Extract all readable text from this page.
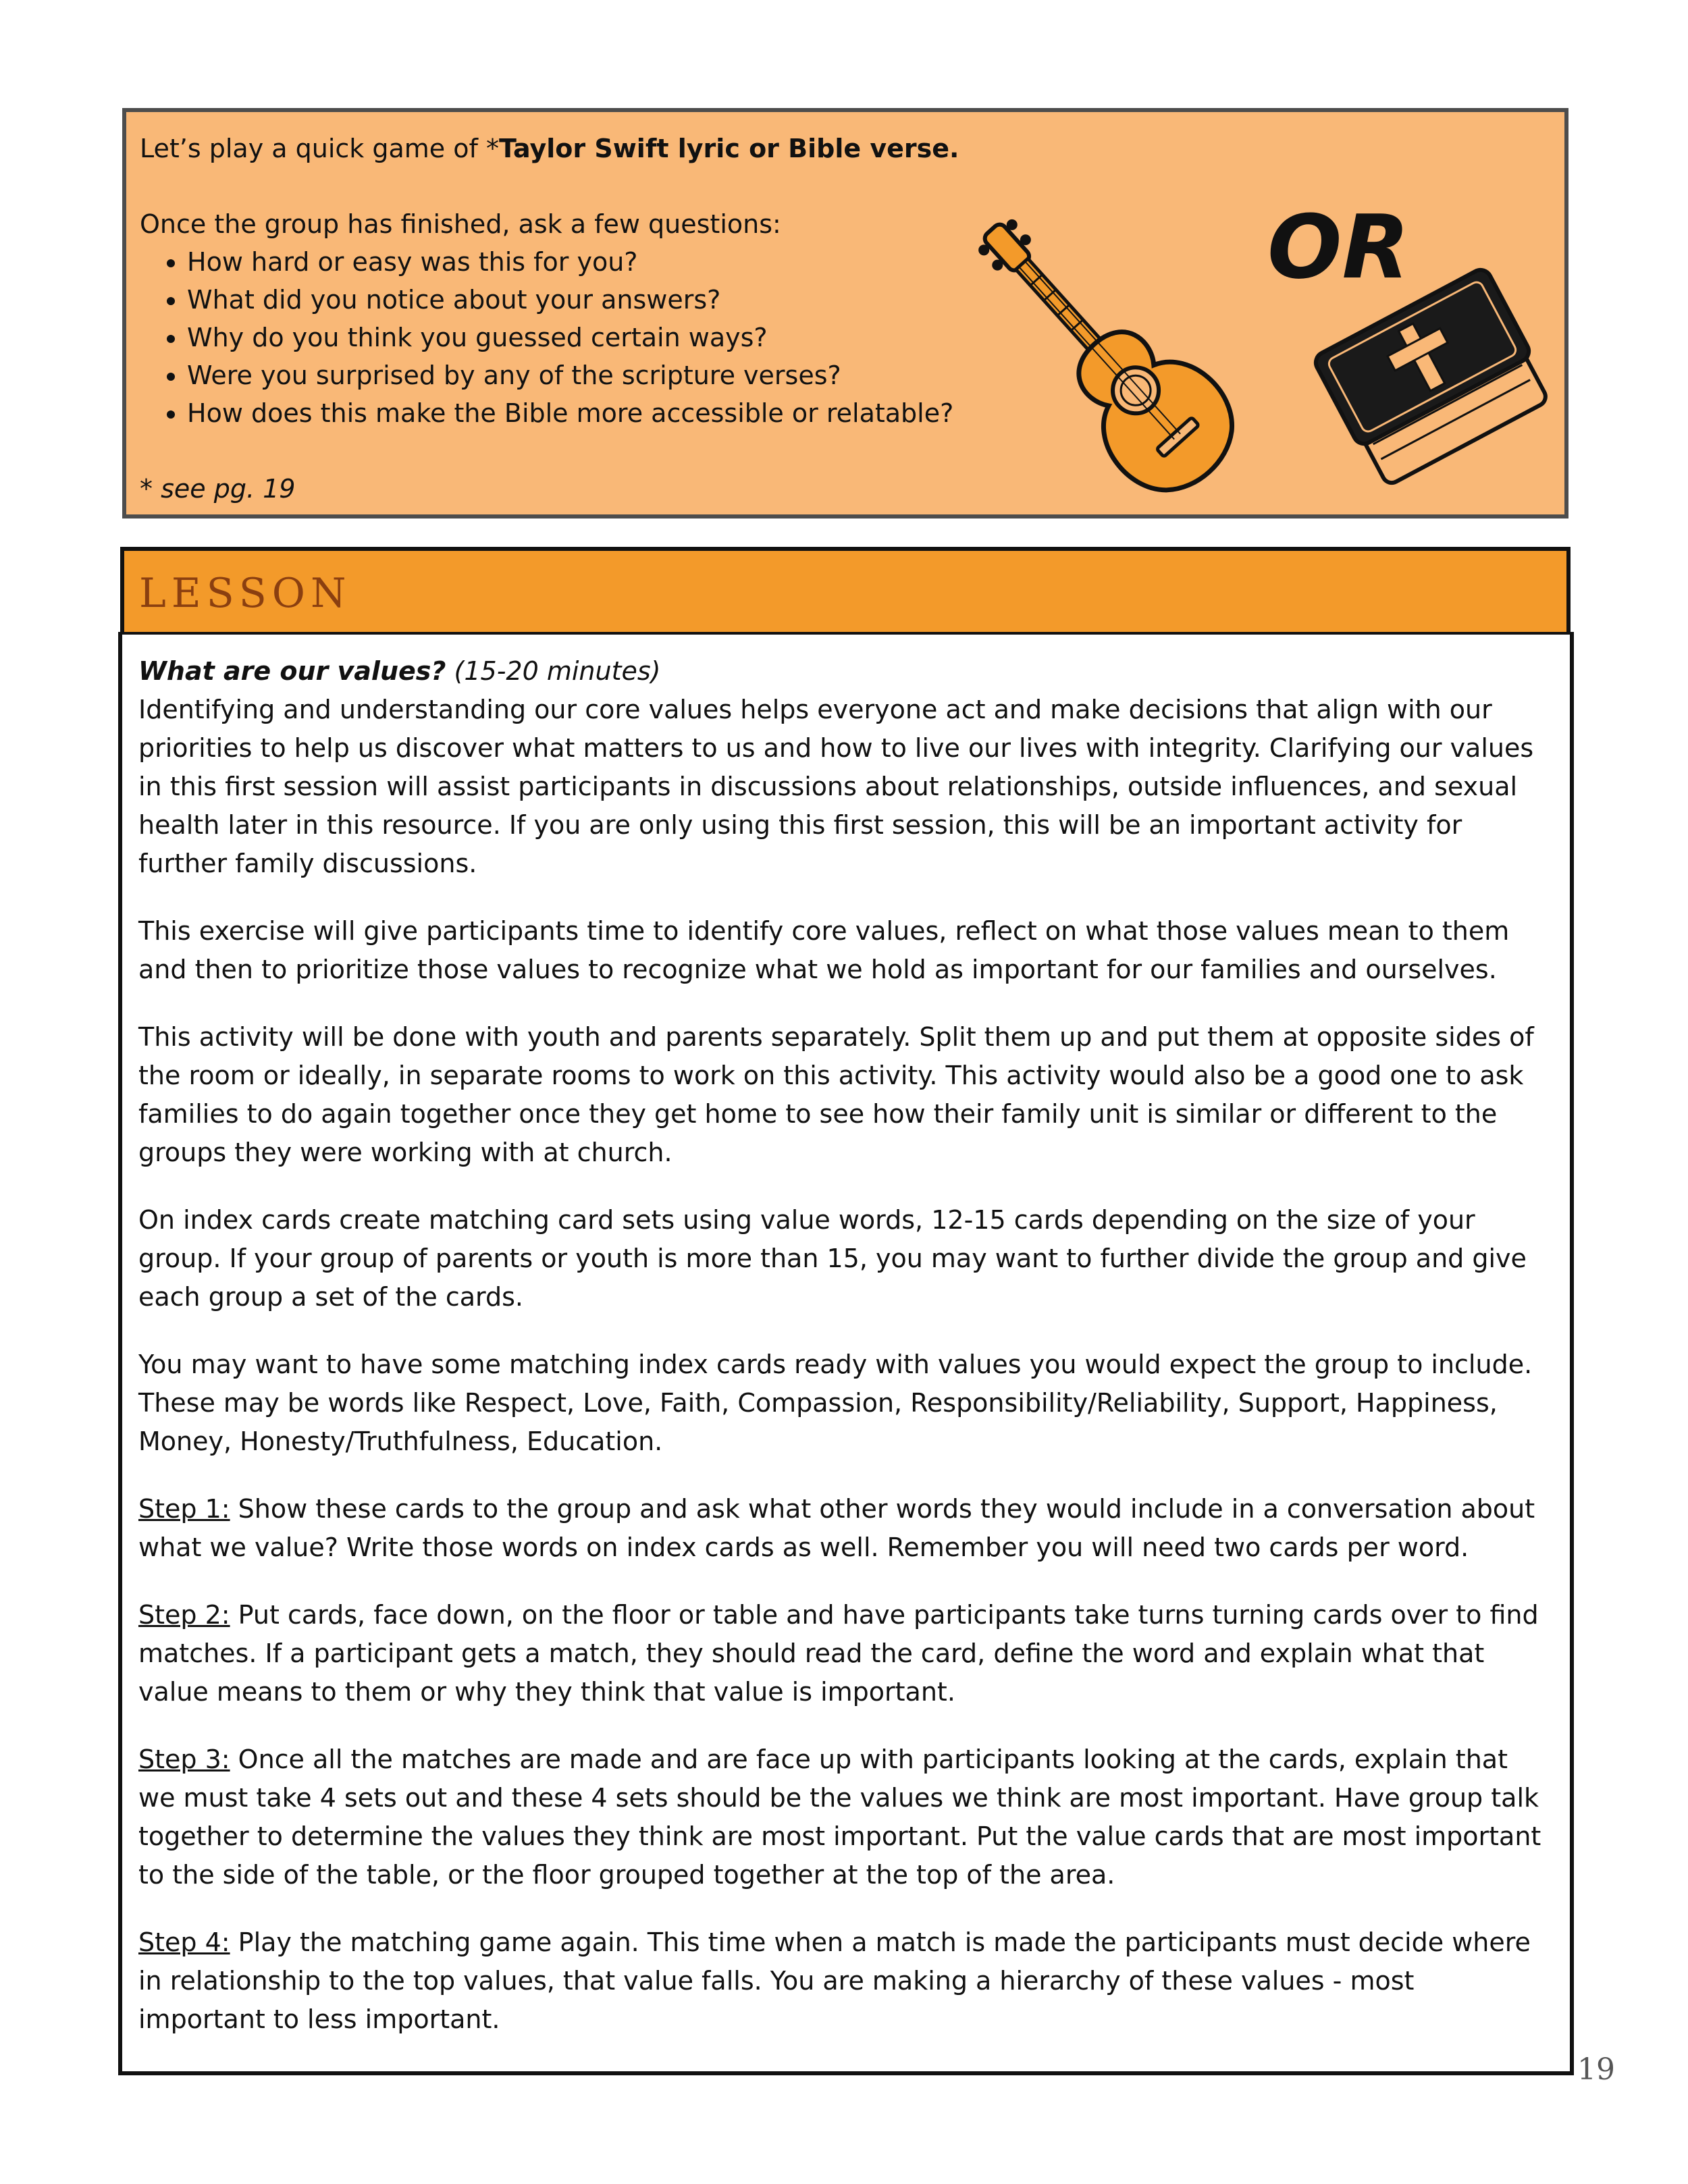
Let’s play a quick game of *Taylor Swift lyric or Bible verse.

Once the group has finished, ask a few questions:

• How hard or easy was this for you?
• What did you notice about your answers?
• Why do you think you guessed certain ways?
• Were you surprised by any of the scripture verses?
• How does this make the Bible more accessible or relatable?

* see pg. 19

OR
LESSON

What are our values? (15-20 minutes)

Identifying and understanding our core values helps everyone act and make decisions that align with our priorities to help us discover what matters to us and how to live our lives with integrity. Clarifying our values in this first session will assist participants in discussions about relationships, outside influences, and sexual health later in this resource. If you are only using this first session, this will be an important activity for further family discussions.

This exercise will give participants time to identify core values, reflect on what those values mean to them and then to prioritize those values to recognize what we hold as important for our families and ourselves.

This activity will be done with youth and parents separately. Split them up and put them at opposite sides of the room or ideally, in separate rooms to work on this activity. This activity would also be a good one to ask families to do again together once they get home to see how their family unit is similar or different to the groups they were working with at church.

On index cards create matching card sets using value words, 12-15 cards depending on the size of your group. If your group of parents or youth is more than 15, you may want to further divide the group and give each group a set of the cards.

You may want to have some matching index cards ready with values you would expect the group to include.

These may be words like Respect, Love, Faith, Compassion, Responsibility/Reliability, Support, Happiness, Money, Honesty/Truthfulness, Education.

Step 1: Show these cards to the group and ask what other words they would include in a conversation about what we value? Write those words on index cards as well. Remember you will need two cards per word.

Step 2: Put cards, face down, on the floor or table and have participants take turns turning cards over to find matches. If a participant gets a match, they should read the card, define the word and explain what that value means to them or why they think that value is important.

Step 3: Once all the matches are made and are face up with participants looking at the cards, explain that we must take 4 sets out and these 4 sets should be the values we think are most important. Have group talk together to determine the values they think are most important. Put the value cards that are most important to the side of the table, or the floor grouped together at the top of the area.

Step 4: Play the matching game again. This time when a match is made the participants must decide where in relationship to the top values, that value falls. You are making a hierarchy of these values - most important to less important.

19
